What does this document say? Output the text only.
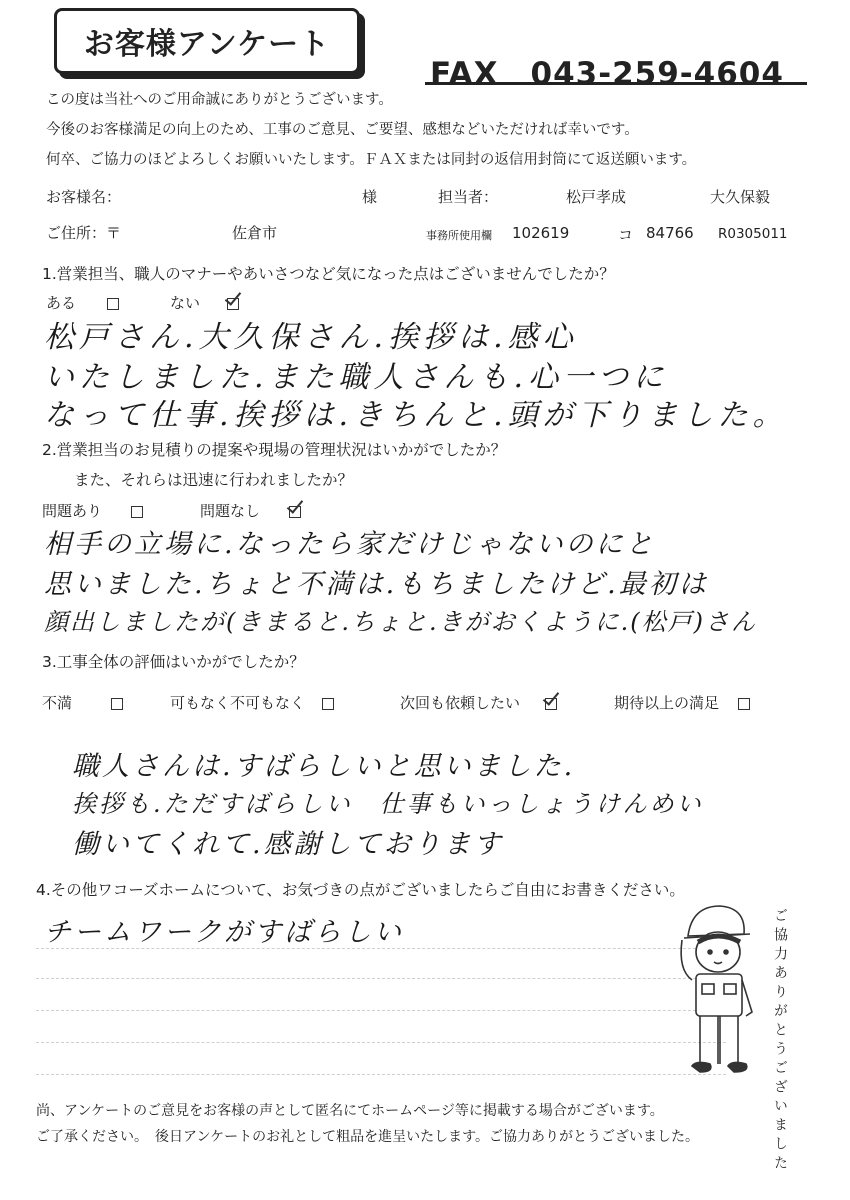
お客様アンケート
FAX　043-259-4604
この度は当社へのご用命誠にありがとうございます。
今後のお客様満足の向上のため、工事のご意見、ご要望、感想などいただければ幸いです。
何卒、ご協力のほどよろしくお願いいたします。ＦＡＸまたは同封の返信用封筒にて返送願います。
お客様名：	様	担当者：	松戸孝成	大久保毅
ご住所：〒	佐倉市	事務所使用欄 102619	コ 84766 R0305011
1.営業担当、職人のマナーやあいさつなど気になった点はございませんでしたか？
ある	ない
松戸さん.大久保さん.挨拶は.感心
いたしました.また職人さんも.心一つに
なって仕事.挨拶は.きちんと.頭が下りました。
2.営業担当のお見積りの提案や現場の管理状況はいかがでしたか？
また、それらは迅速に行われましたか？
問題あり	問題なし
相手の立場に.なったら家だけじゃないのにと
思いました.ちょと不満は.もちましたけど.最初は
顔出しましたが(きまると.ちょと.きがおくように.(松戸)さん
3.工事全体の評価はいかがでしたか？
不満	可もなく不可もなく	次回も依頼したい	期待以上の満足
職人さんは.すばらしいと思いました.
挨拶も.ただすばらしい　仕事もいっしょうけんめい
働いてくれて.感謝しております
4.その他ワコーズホームについて、お気づきの点がございましたらご自由にお書きください。
チームワークがすばらしい	ご協力ありがとうございました
尚、アンケートのご意見をお客様の声として匿名にてホームページ等に掲載する場合がございます。
ご了承ください。　後日アンケートのお礼として粗品を進呈いたします。ご協力ありがとうございました。
